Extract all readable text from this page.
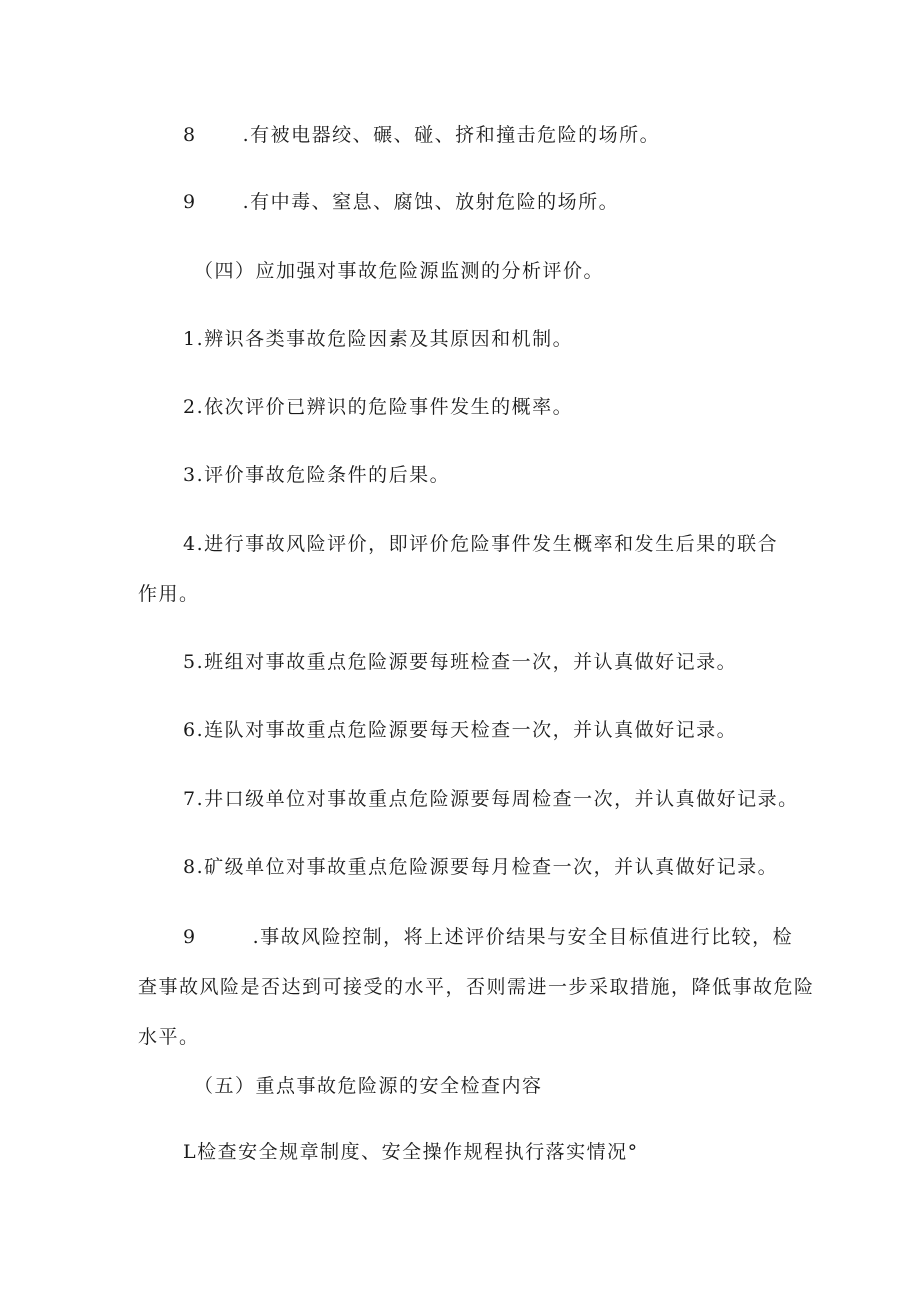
8 .有被电器绞、碾、碰、挤和撞击危险的场所。
9 .有中毒、窒息、腐蚀、放射危险的场所。
（四）应加强对事故危险源监测的分析评价。
1.辨识各类事故危险因素及其原因和机制。
2.依次评价已辨识的危险事件发生的概率。
3.评价事故危险条件的后果。
4.进行事故风险评价，即评价危险事件发生概率和发生后果的联合
作用。
5.班组对事故重点危险源要每班检查一次，并认真做好记录。
6.连队对事故重点危险源要每天检查一次，并认真做好记录。
7.井口级单位对事故重点危险源要每周检查一次，并认真做好记录。
8.矿级单位对事故重点危险源要每月检查一次，并认真做好记录。
9	.事故风险控制，将上述评价结果与安全目标值进行比较，检
查事故风险是否达到可接受的水平，否则需进一步采取措施，降低事故危险
水平。
（五）重点事故危险源的安全检查内容
L检查安全规章制度、安全操作规程执行落实情况°
